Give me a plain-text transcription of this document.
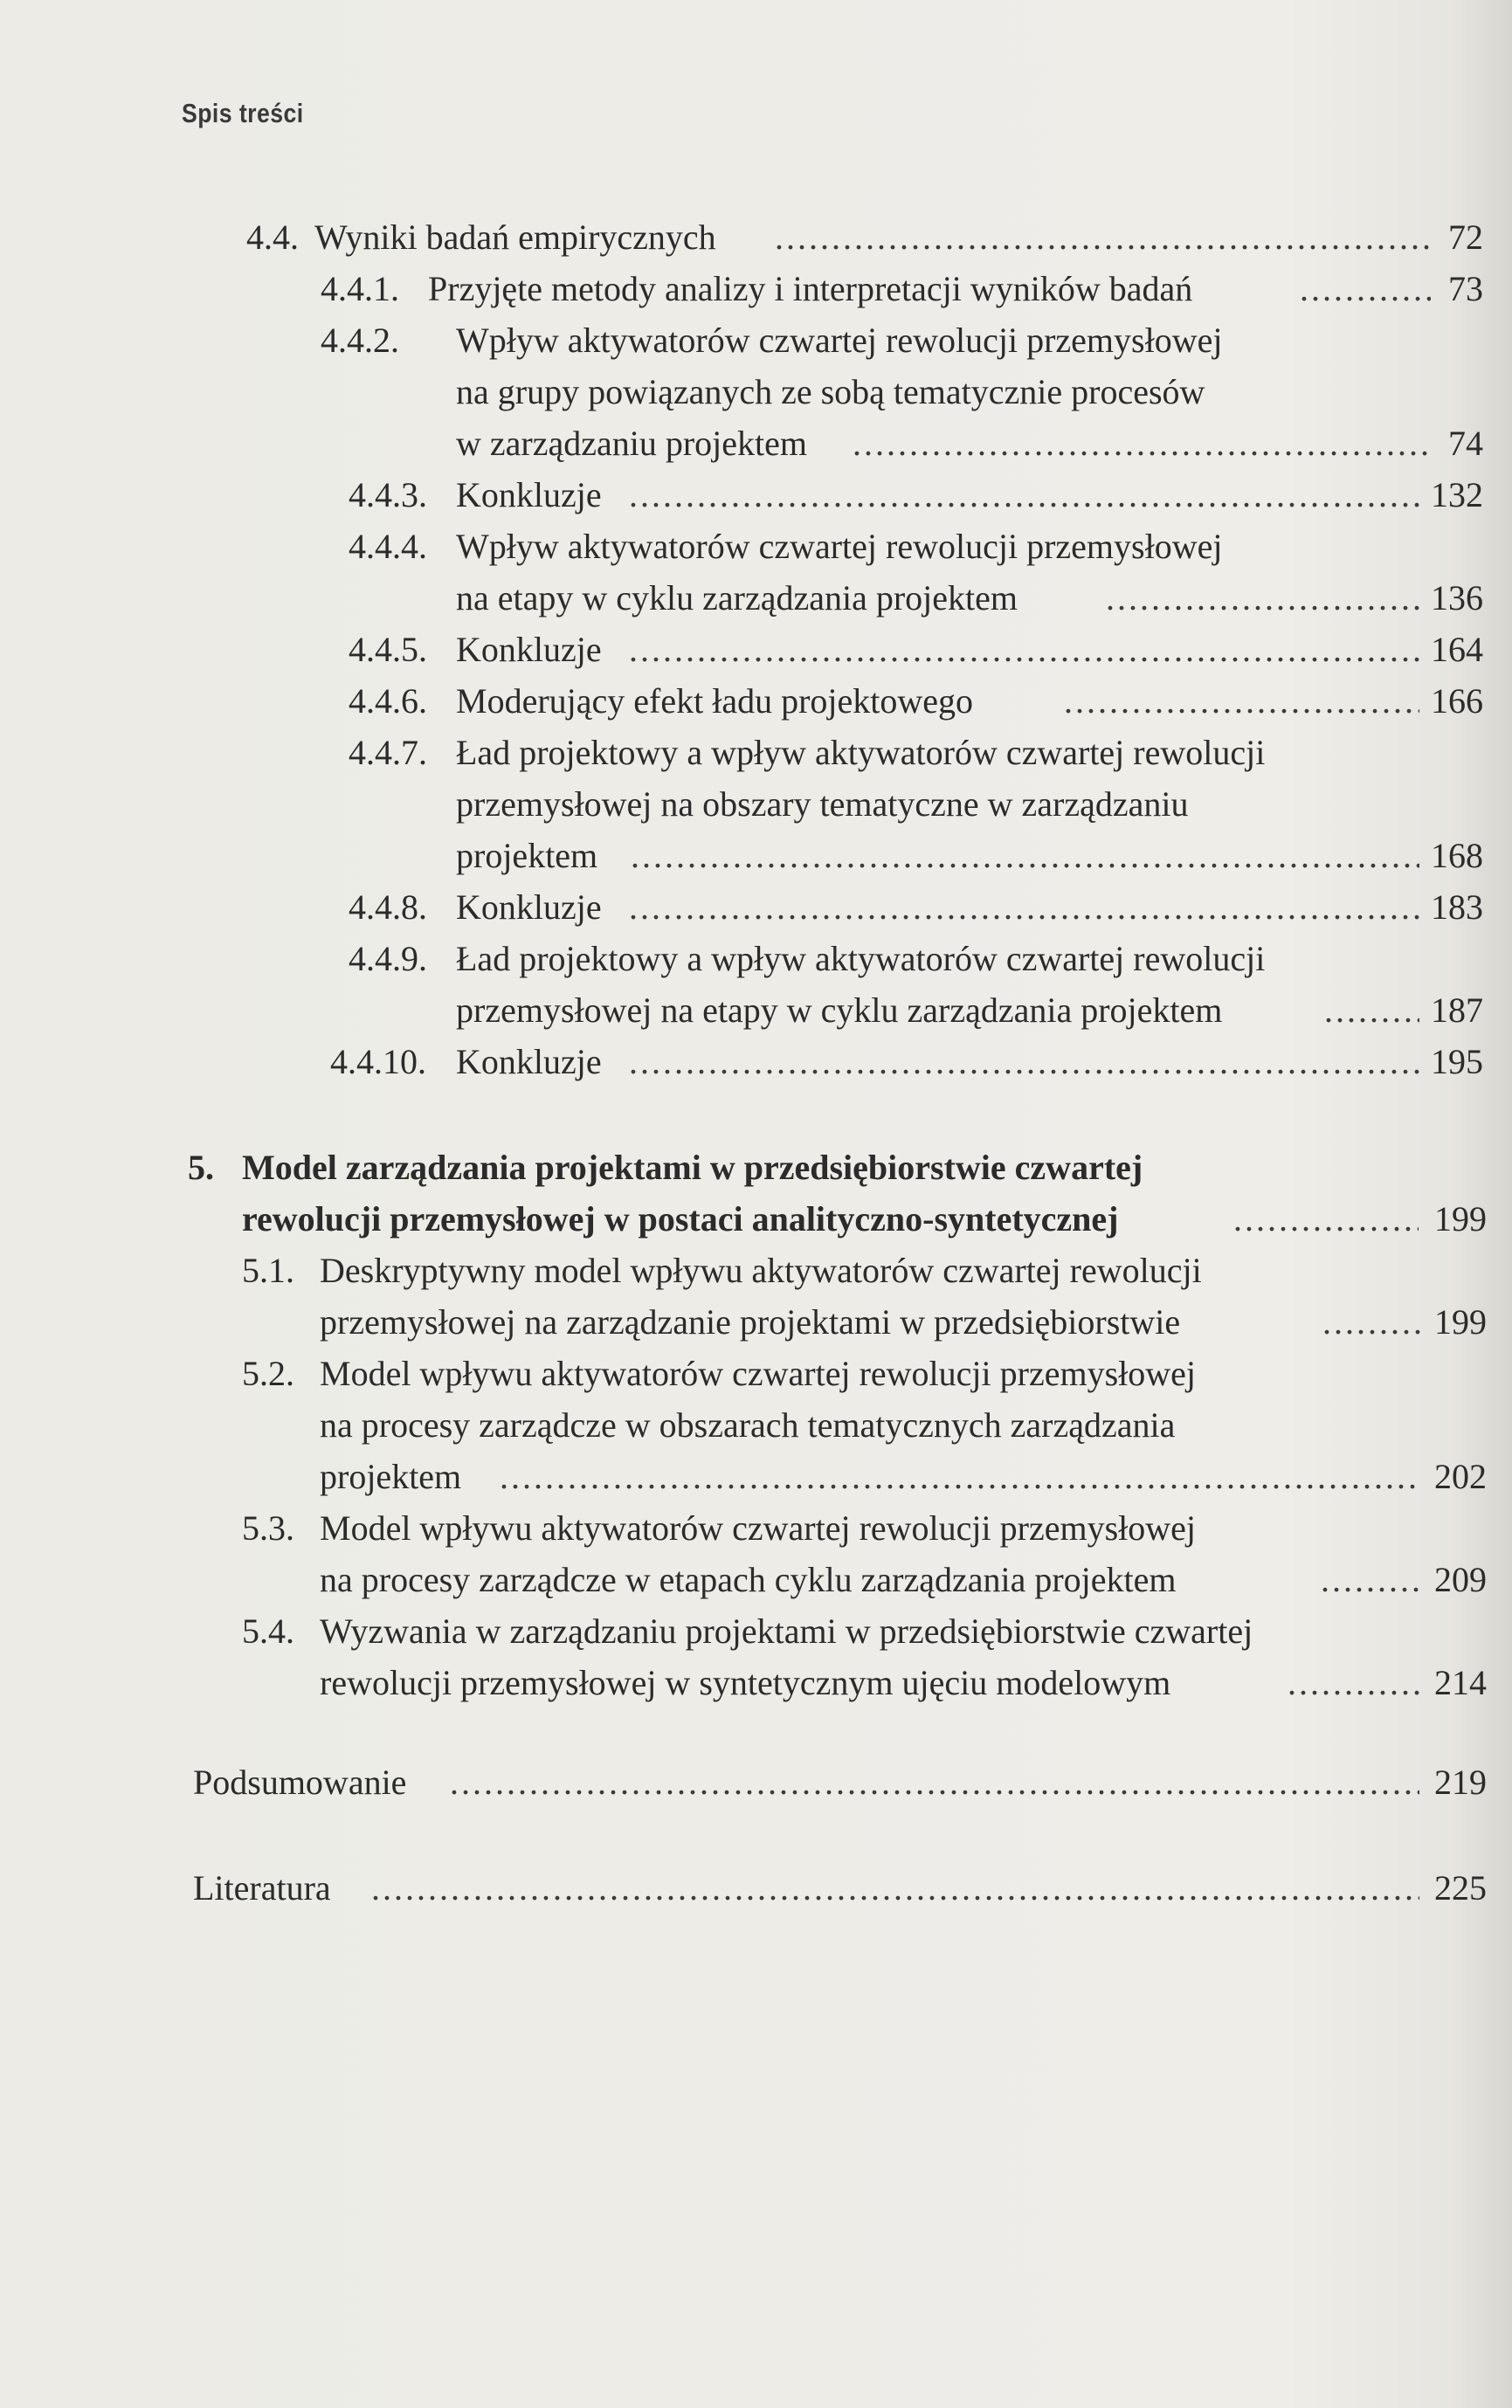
Spis treści
4.4. Wyniki badań empirycznych .....	72
4.4.1. Przyjęte metody analizy i interpretacji wyników badań .....	73
4.4.2. Wpływ aktywatorów czwartej rewolucji przemysłowej
na grupy powiązanych ze sobą tematycznie procesów
w zarządzaniu projektem .....	74
4.4.3. Konkluzje .....	132
4.4.4. Wpływ aktywatorów czwartej rewolucji przemysłowej
na etapy w cyklu zarządzania projektem .....	136
4.4.5. Konkluzje .....	164
4.4.6. Moderujący efekt ładu projektowego .....	166
4.4.7. Ład projektowy a wpływ aktywatorów czwartej rewolucji
przemysłowej na obszary tematyczne w zarządzaniu
projektem .....	168
4.4.8. Konkluzje .....	183
4.4.9. Ład projektowy a wpływ aktywatorów czwartej rewolucji
przemysłowej na etapy w cyklu zarządzania projektem .....	187
4.4.10. Konkluzje .....	195
5. Model zarządzania projektami w przedsiębiorstwie czwartej
rewolucji przemysłowej w postaci analityczno-syntetycznej .....	199
5.1. Deskryptywny model wpływu aktywatorów czwartej rewolucji
przemysłowej na zarządzanie projektami w przedsiębiorstwie .....	199
5.2. Model wpływu aktywatorów czwartej rewolucji przemysłowej
na procesy zarządcze w obszarach tematycznych zarządzania
projektem .....	202
5.3. Model wpływu aktywatorów czwartej rewolucji przemysłowej
na procesy zarządcze w etapach cyklu zarządzania projektem .....	209
5.4. Wyzwania w zarządzaniu projektami w przedsiębiorstwie czwartej
rewolucji przemysłowej w syntetycznym ujęciu modelowym .....	214
Podsumowanie .....	219
Literatura .....	225
